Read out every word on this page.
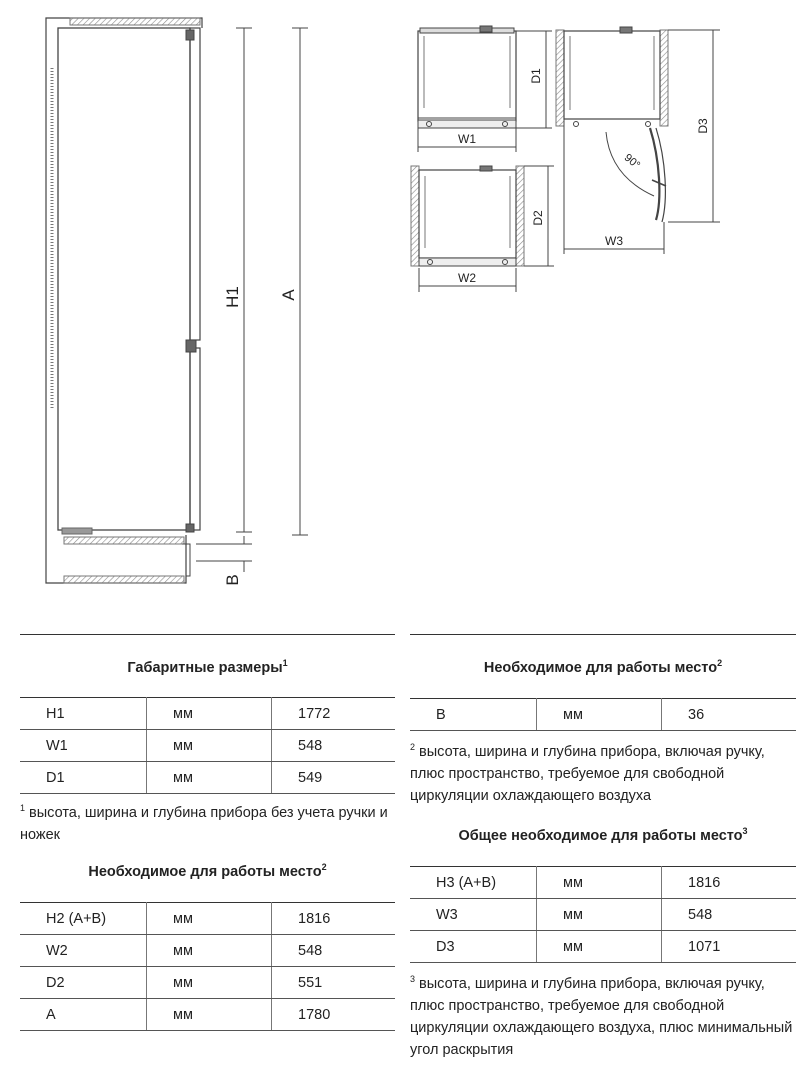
H1 A
B
W1
D1
W2
D2
90°
W3
D3
Габаритные размеры$^1$
H1	мм	1772
W1	мм	548
D1	мм	549
$^1$ высота, ширина и глубина прибора без учета ручки и ножек
Необходимое для работы место$^2$
H2 (A+B)	мм	1816
W2	мм	548
D2	мм	551
A	мм	1780
Необходимое для работы место$^2$
B	мм	36
$^2$ высота, ширина и глубина прибора, включая ручку, плюс пространство, требуемое для свободной циркуляции охлаждающего воздуха
Общее необходимое для работы место$^3$
H3 (A+B)	мм	1816
W3	мм	548
D3	мм	1071
$^3$ высота, ширина и глубина прибора, включая ручку, плюс пространство, требуемое для свободной циркуляции охлаждающего воздуха, плюс минимальный угол раскрытия
